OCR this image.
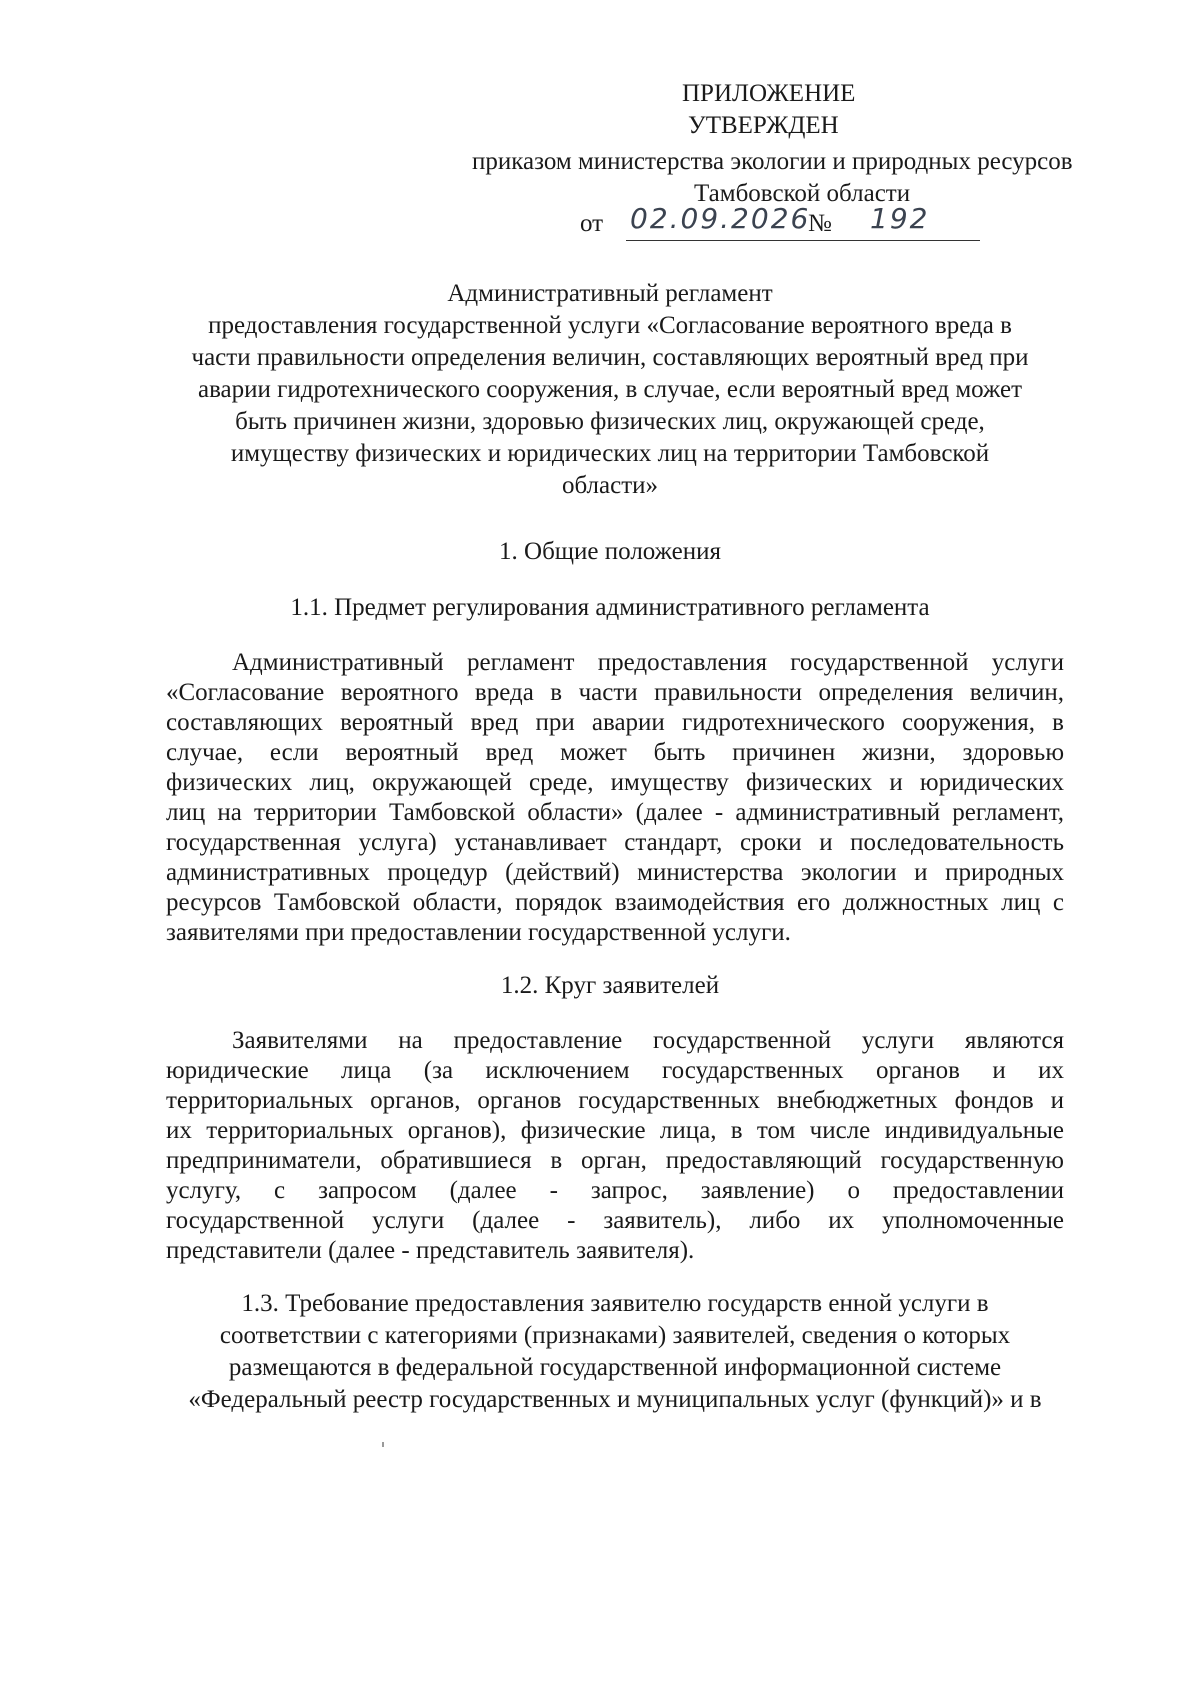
ПРИЛОЖЕНИЕ
УТВЕРЖДЕН
приказом министерства экологии и природных ресурсов
Тамбовской области
от 02.09.2026
№ 192
Административный регламент
предоставления государственной услуги «Согласование вероятного вреда в
части правильности определения величин, составляющих вероятный вред при
аварии гидротехнического сооружения, в случае, если вероятный вред может
быть причинен жизни, здоровью физических лиц, окружающей среде,
имуществу физических и юридических лиц на территории Тамбовской
области»
1. Общие положения
1.1. Предмет регулирования административного регламента
Административный регламент предоставления государственной услуги
«Согласование вероятного вреда в части правильности определения величин,
составляющих вероятный вред при аварии гидротехнического сооружения, в
случае, если вероятный вред может быть причинен жизни, здоровью
физических лиц, окружающей среде, имуществу физических и юридических
лиц на территории Тамбовской области» (далее - административный регламент,
государственная услуга) устанавливает стандарт, сроки и последовательность
административных процедур (действий) министерства экологии и природных
ресурсов Тамбовской области, порядок взаимодействия его должностных лиц с
заявителями при предоставлении государственной услуги.
1.2. Круг заявителей
Заявителями на предоставление государственной услуги являются
юридические лица (за исключением государственных органов и их
территориальных органов, органов государственных внебюджетных фондов и
их территориальных органов), физические лица, в том числе индивидуальные
предприниматели, обратившиеся в орган, предоставляющий государственную
услугу, с запросом (далее - запрос, заявление) о предоставлении
государственной услуги (далее - заявитель), либо их уполномоченные
представители (далее - представитель заявителя).
1.3. Требование предоставления заявителю государств енной услуги в
соответствии с категориями (признаками) заявителей, сведения о которых
размещаются в федеральной государственной информационной системе
«Федеральный реестр государственных и муниципальных услуг (функций)» и в
